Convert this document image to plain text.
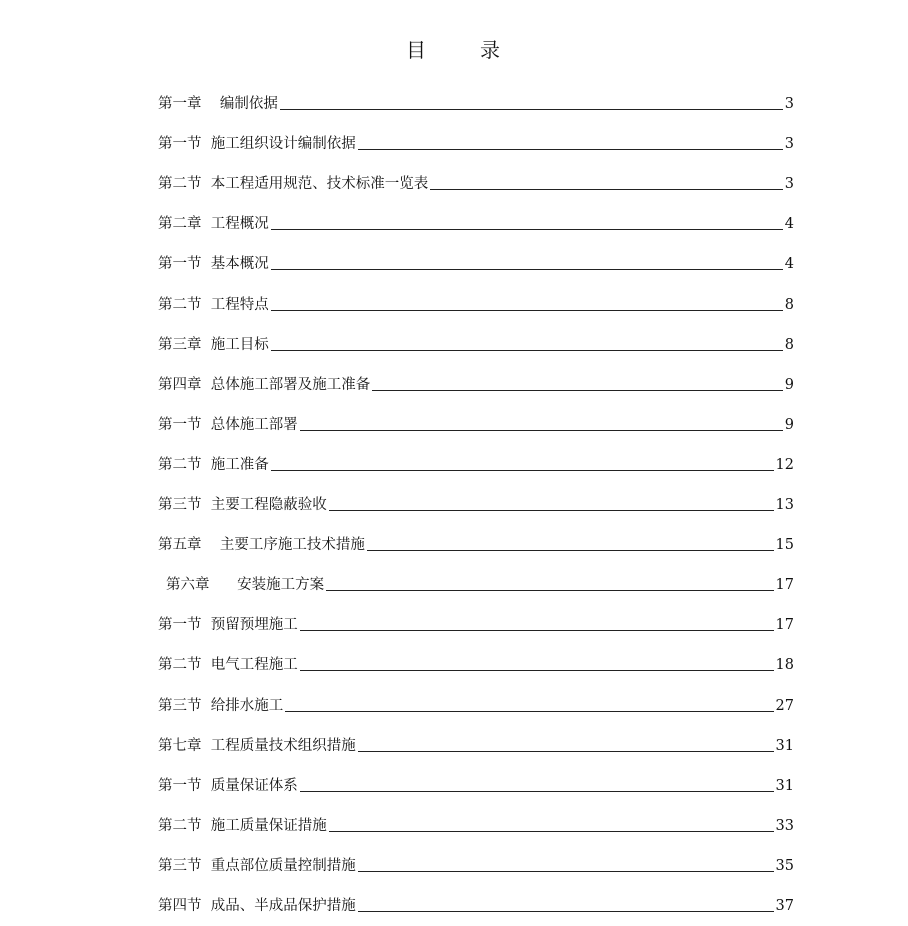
目	录
第一章    编制依据	3
第一节  施工组织设计编制依据	3
第二节  本工程适用规范、技术标准一览表	3
第二章  工程概况	4
第一节  基本概况	4
第二节  工程特点	8
第三章  施工目标	8
第四章  总体施工部署及施工准备	9
第一节  总体施工部署	9
第二节  施工准备	12
第三节  主要工程隐蔽验收	13
第五章    主要工序施工技术措施	15
第六章      安装施工方案	17
第一节  预留预埋施工	17
第二节  电气工程施工	18
第三节  给排水施工	27
第七章  工程质量技术组织措施	31
第一节  质量保证体系	31
第二节  施工质量保证措施	33
第三节  重点部位质量控制措施	35
第四节  成品、半成品保护措施	37
